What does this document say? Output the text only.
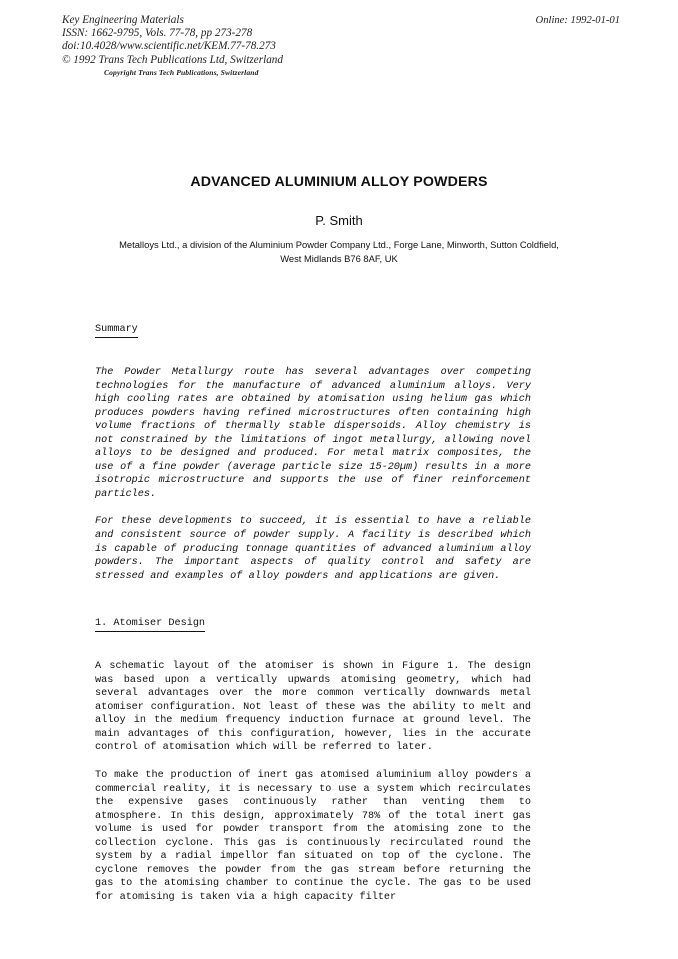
Key Engineering Materials
ISSN: 1662-9795, Vols. 77-78, pp 273-278
doi:10.4028/www.scientific.net/KEM.77-78.273
© 1992 Trans Tech Publications Ltd, Switzerland
Online: 1992-01-01
Copyright Trans Tech Publications, Switzerland
ADVANCED ALUMINIUM ALLOY POWDERS
P. Smith
Metalloys Ltd., a division of the Aluminium Powder Company Ltd., Forge Lane, Minworth, Sutton Coldfield,
West Midlands B76 8AF, UK
Summary

The Powder Metallurgy route has several advantages over competing technologies for the manufacture of advanced aluminium alloys. Very high cooling rates are obtained by atomisation using helium gas which produces powders having refined microstructures often containing high volume fractions of thermally stable dispersoids. Alloy chemistry is not constrained by the limitations of ingot metallurgy, allowing novel alloys to be designed and produced. For metal matrix composites, the use of a fine powder (average particle size 15-20µm) results in a more isotropic microstructure and supports the use of finer reinforcement particles.

For these developments to succeed, it is essential to have a reliable and consistent source of powder supply. A facility is described which is capable of producing tonnage quantities of advanced aluminium alloy powders. The important aspects of quality control and safety are stressed and examples of alloy powders and applications are given.

1. Atomiser Design

A schematic layout of the atomiser is shown in Figure 1. The design was based upon a vertically upwards atomising geometry, which had several advantages over the more common vertically downwards metal atomiser configuration. Not least of these was the ability to melt and alloy in the medium frequency induction furnace at ground level. The main advantages of this configuration, however, lies in the accurate control of atomisation which will be referred to later.

To make the production of inert gas atomised aluminium alloy powders a commercial reality, it is necessary to use a system which recirculates the expensive gases continuously rather than venting them to atmosphere. In this design, approximately 78% of the total inert gas volume is used for powder transport from the atomising zone to the collection cyclone. This gas is continuously recirculated round the system by a radial impellor fan situated on top of the cyclone. The cyclone removes the powder from the gas stream before returning the gas to the atomising chamber to continue the cycle. The gas to be used for atomising is taken via a high capacity filter
